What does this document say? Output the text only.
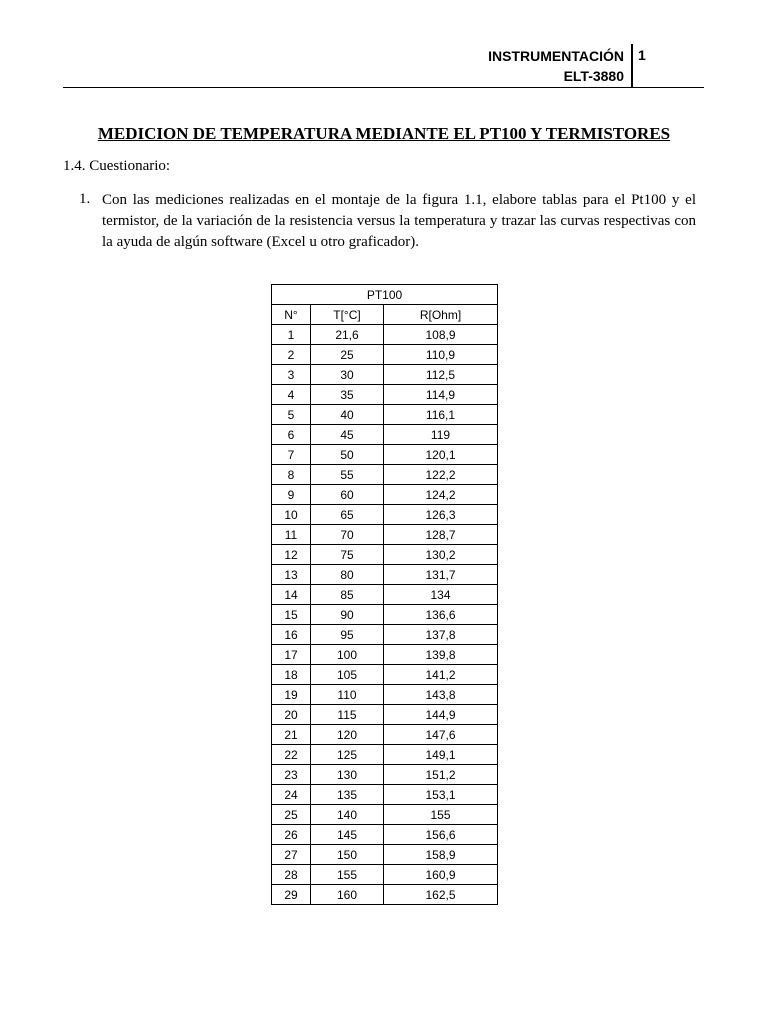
INSTRUMENTACIÓN
ELT-3880
1
MEDICION DE TEMPERATURA MEDIANTE EL PT100 Y TERMISTORES
1.4. Cuestionario:
1. Con las mediciones realizadas en el montaje de la figura 1.1, elabore tablas para el Pt100 y el termistor, de la variación de la resistencia versus la temperatura y trazar las curvas respectivas con la ayuda de algún software (Excel u otro graficador).
PT100		
N°	T[°C]	R[Ohm]
1	21,6	108,9
2	25	110,9
3	30	112,5
4	35	114,9
5	40	116,1
6	45	119
7	50	120,1
8	55	122,2
9	60	124,2
10	65	126,3
11	70	128,7
12	75	130,2
13	80	131,7
14	85	134
15	90	136,6
16	95	137,8
17	100	139,8
18	105	141,2
19	110	143,8
20	115	144,9
21	120	147,6
22	125	149,1
23	130	151,2
24	135	153,1
25	140	155
26	145	156,6
27	150	158,9
28	155	160,9
29	160	162,5
